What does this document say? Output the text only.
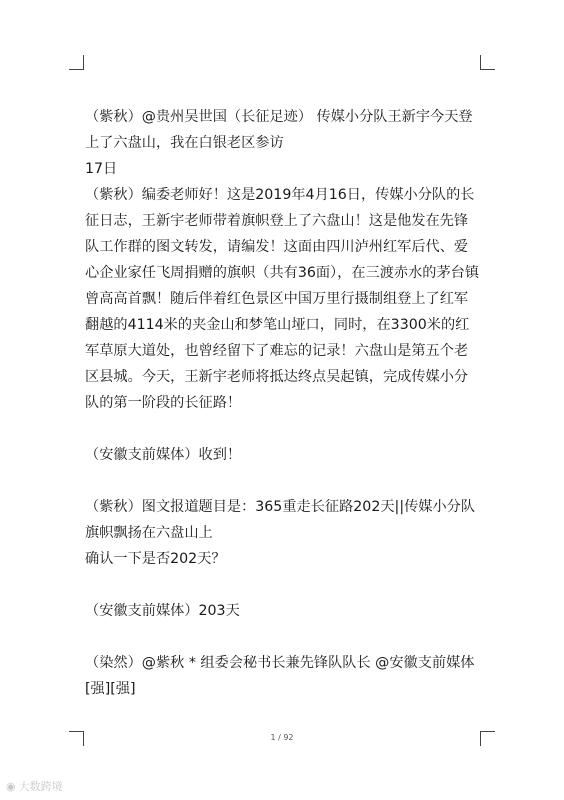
（紫秋）@贵州吴世国（长征足迹） 传媒小分队王新宇今天登上了六盘山，我在白银老区参访

17日

（紫秋）编委老师好！这是2019年4月16日，传媒小分队的长征日志，王新宇老师带着旗帜登上了六盘山！这是他发在先锋队工作群的图文转发，请编发！这面由四川泸州红军后代、爱心企业家任飞周捐赠的旗帜（共有36面），在三渡赤水的茅台镇曾高高首飘！随后伴着红色景区中国万里行摄制组登上了红军翻越的4114米的夹金山和梦笔山垭口，同时，在3300米的红军草原大道处，也曾经留下了难忘的记录！六盘山是第五个老区县城。今天，王新宇老师将抵达终点吴起镇，完成传媒小分队的第一阶段的长征路！

（安徽支前媒体）收到！

（紫秋）图文报道题目是：365重走长征路202天||传媒小分队旗帜飘扬在六盘山上

确认一下是否202天？

（安徽支前媒体）203天

（染然）@紫秋 * 组委会秘书长兼先锋队队长 @安徽支前媒体 [强][强]

1 / 92
◉ 大数跨境
